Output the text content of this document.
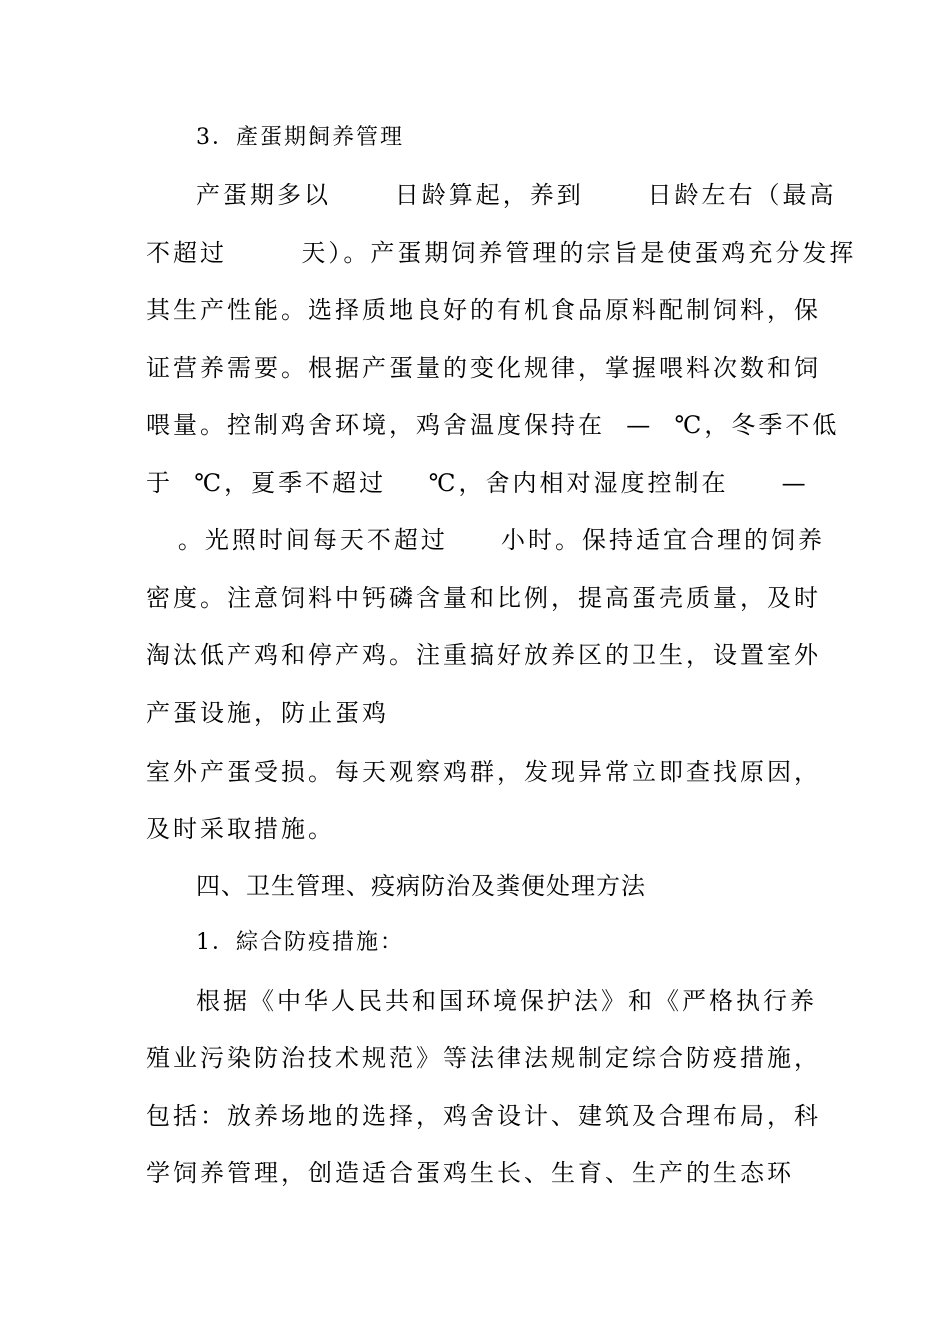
3．產蛋期飼养管理
产蛋期多以      日龄算起，养到      日龄左右（最高
不超过       天）。产蛋期饲养管理的宗旨是使蛋鸡充分发挥
其生产性能。选择质地良好的有机食品原料配制饲料，保
证营养需要。根据产蛋量的变化规律，掌握喂料次数和饲
喂量。控制鸡舍环境，鸡舍温度保持在  —  ℃，冬季不低
于  ℃，夏季不超过    ℃，舍内相对湿度控制在     —
。光照时间每天不超过     小时。保持适宜合理的饲养
密度。注意饲料中钙磷含量和比例，提高蛋壳质量，及时
淘汰低产鸡和停产鸡。注重搞好放养区的卫生，设置室外
产蛋设施，防止蛋鸡
室外产蛋受损。每天观察鸡群，发现异常立即查找原因，
及时采取措施。
四、卫生管理、疫病防治及粪便处理方法
1．綜合防疫措施：
根据《中华人民共和国环境保护法》和《严格执行养
殖业污染防治技术规范》等法律法规制定综合防疫措施，
包括：放养场地的选择，鸡舍设计、建筑及合理布局，科
学饲养管理，创造适合蛋鸡生长、生育、生产的生态环
